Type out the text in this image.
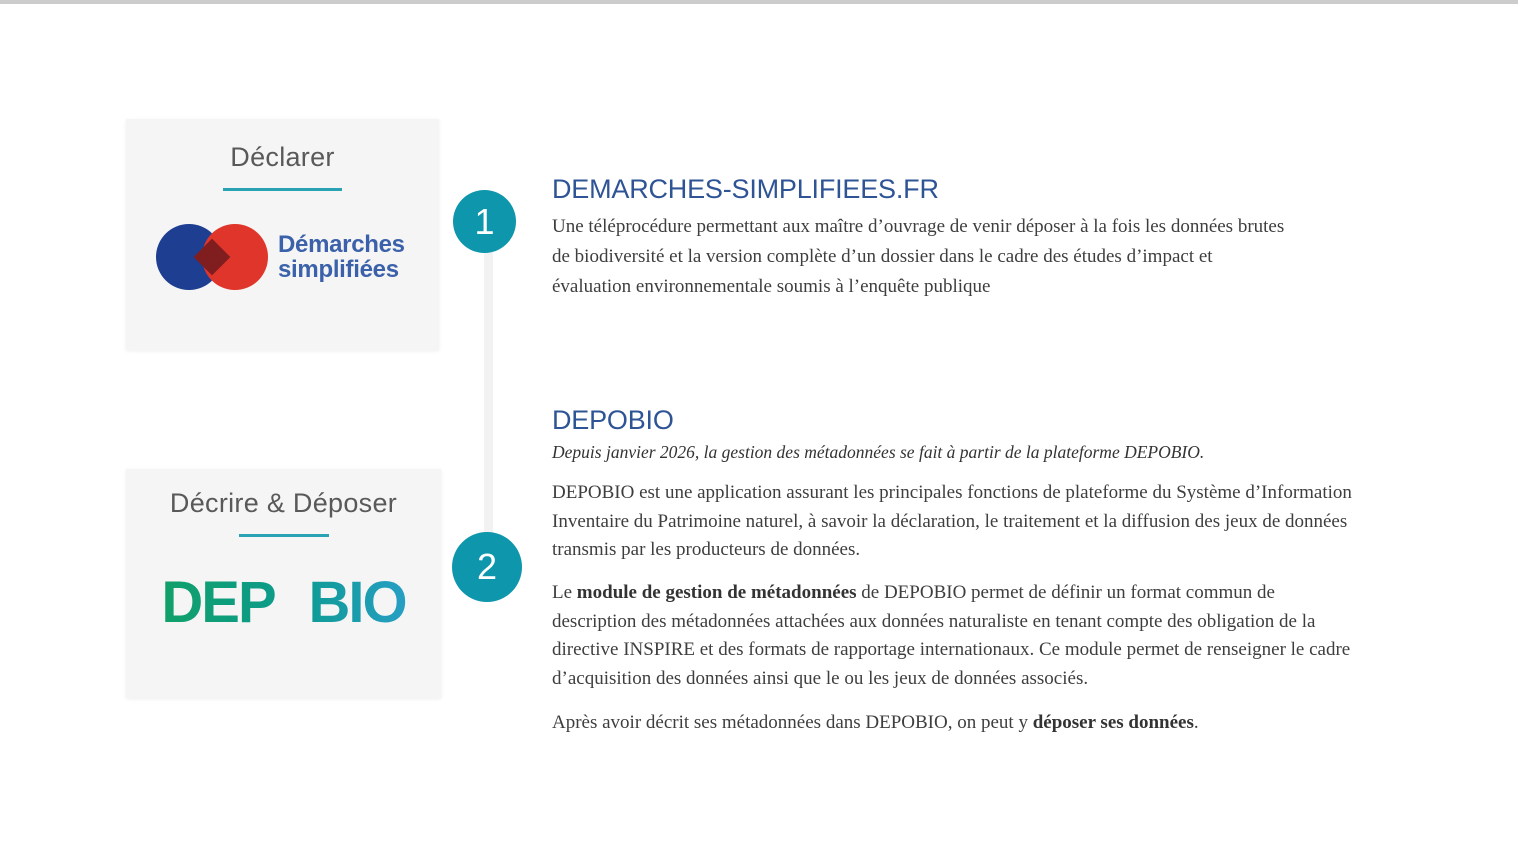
Déclarer
Démarches
simplifiées
Décrire & Déposer
DEPOBIO
1
2
DEMARCHES-SIMPLIFIEES.FR

Une téléprocédure permettant aux maître d’ouvrage de venir déposer à la fois les données brutes de biodiversité et la version complète d’un dossier dans le cadre des études d’impact et évaluation environnementale soumis à l’enquête publique

DEPOBIO

Depuis janvier 2026, la gestion des métadonnées se fait à partir de la plateforme DEPOBIO.

DEPOBIO est une application assurant les principales fonctions de plateforme du Système d’Information Inventaire du Patrimoine naturel, à savoir la déclaration, le traitement et la diffusion des jeux de données transmis par les producteurs de données.

Le module de gestion de métadonnées de DEPOBIO permet de définir un format commun de description des métadonnées attachées aux données naturaliste en tenant compte des obligation de la directive INSPIRE et des formats de rapportage internationaux. Ce module permet de renseigner le cadre d’acquisition des données ainsi que le ou les jeux de données associés.

Après avoir décrit ses métadonnées dans DEPOBIO, on peut y déposer ses données.
